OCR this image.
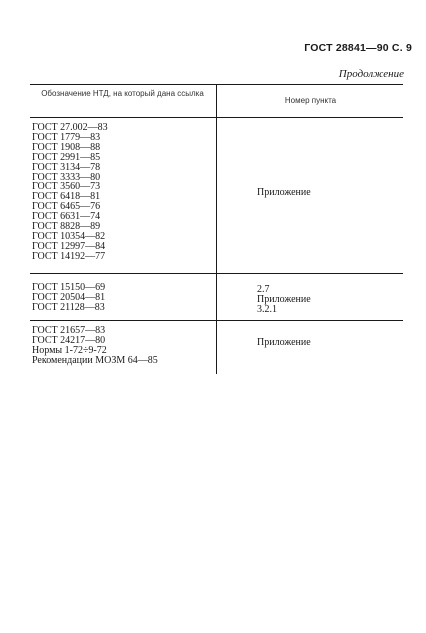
ГОСТ 28841—90 С. 9
Продолжение
Обозначение НТД, на который дана ссылка
Номер пункта
ГОСТ 27.002—83
ГОСТ 1779—83
ГОСТ 1908—88
ГОСТ 2991—85
ГОСТ 3134—78
ГОСТ 3333—80
ГОСТ 3560—73
ГОСТ 6418—81
ГОСТ 6465—76
ГОСТ 6631—74
ГОСТ 8828—89
ГОСТ 10354—82
ГОСТ 12997—84
ГОСТ 14192—77
Приложение
ГОСТ 15150—69
ГОСТ 20504—81
ГОСТ 21128—83
2.7
Приложение
3.2.1
ГОСТ 21657—83
ГОСТ 24217—80
Нормы 1-72÷9-72
Рекомендации МОЗМ 64—85
Приложение
